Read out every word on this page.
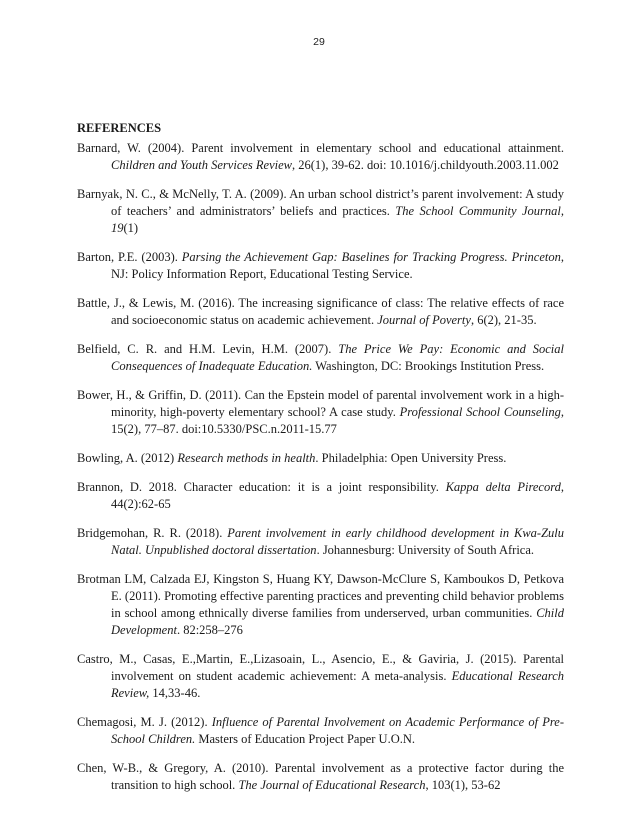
29
REFERENCES
Barnard, W. (2004). Parent involvement in elementary school and educational attainment. Children and Youth Services Review, 26(1), 39-62. doi: 10.1016/j.childyouth.2003.11.002
Barnyak, N. C., & McNelly, T. A. (2009). An urban school district’s parent involvement: A study of teachers’ and administrators’ beliefs and practices. The School Community Journal, 19(1)
Barton, P.E. (2003). Parsing the Achievement Gap: Baselines for Tracking Progress. Princeton, NJ: Policy Information Report, Educational Testing Service.
Battle, J., & Lewis, M. (2016). The increasing significance of class: The relative effects of race and socioeconomic status on academic achievement. Journal of Poverty, 6(2), 21-35.
Belfield, C. R. and H.M. Levin, H.M. (2007). The Price We Pay: Economic and Social Consequences of Inadequate Education. Washington, DC: Brookings Institution Press.
Bower, H., & Griffin, D. (2011). Can the Epstein model of parental involvement work in a high-minority, high-poverty elementary school? A case study. Professional School Counseling, 15(2), 77–87. doi:10.5330/PSC.n.2011-15.77
Bowling, A. (2012) Research methods in health. Philadelphia: Open University Press.
Brannon, D. 2018. Character education: it is a joint responsibility. Kappa delta Pirecord, 44(2):62-65
Bridgemohan, R. R. (2018). Parent involvement in early childhood development in Kwa-Zulu Natal. Unpublished doctoral dissertation. Johannesburg: University of South Africa.
Brotman LM, Calzada EJ, Kingston S, Huang KY, Dawson-McClure S, Kamboukos D, Petkova E. (2011). Promoting effective parenting practices and preventing child behavior problems in school among ethnically diverse families from underserved, urban communities. Child Development. 82:258–276
Castro, M., Casas, E.,Martin, E.,Lizasoain, L., Asencio, E., & Gaviria, J. (2015). Parental involvement on student academic achievement: A meta-analysis. Educational Research Review, 14,33-46.
Chemagosi, M. J. (2012). Influence of Parental Involvement on Academic Performance of Pre-School Children. Masters of Education Project Paper U.O.N.
Chen, W-B., & Gregory, A. (2010). Parental involvement as a protective factor during the transition to high school. The Journal of Educational Research, 103(1), 53-62
